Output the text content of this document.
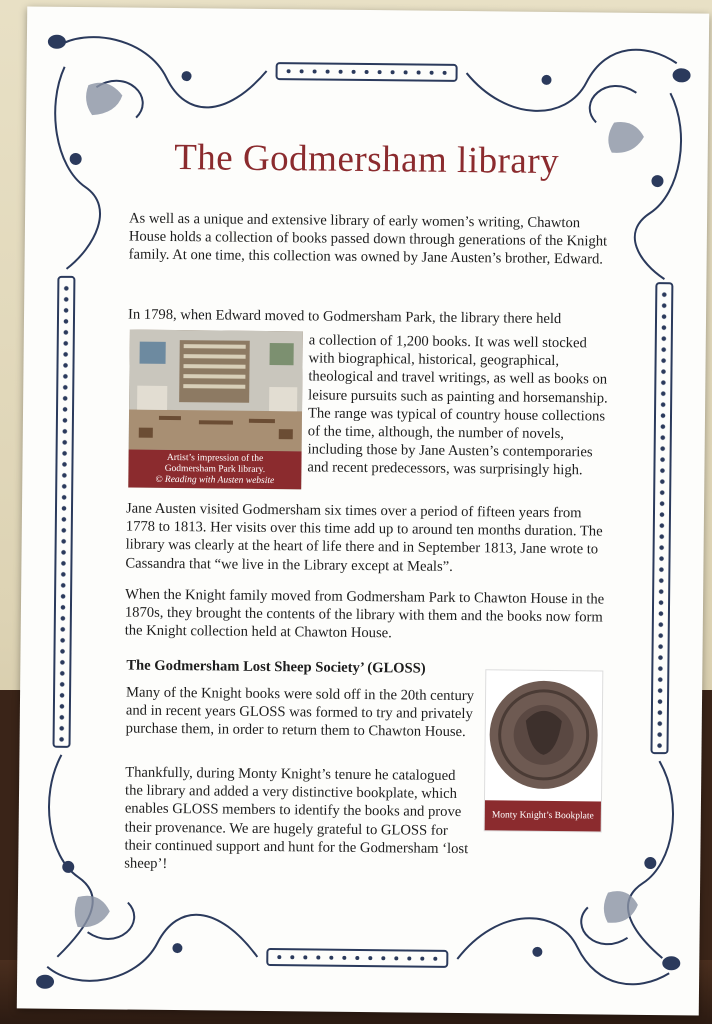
The Godmersham library
As well as a unique and extensive library of early women’s writing, Chawton House holds a collection of books passed down through generations of the Knight family. At one time, this collection was owned by Jane Austen’s brother, Edward.
In 1798, when Edward moved to Godmersham Park, the library there held
Artist’s impression of the
Godmersham Park library.
© Reading with Austen website
a collection of 1,200 books. It was well stocked with biographical, historical, geographical, theological and travel writings, as well as books on leisure pursuits such as painting and horsemanship. The range was typical of country house collections of the time, although, the number of novels, including those by Jane Austen’s contemporaries and recent predecessors, was surprisingly high.
Jane Austen visited Godmersham six times over a period of fifteen years from 1778 to 1813. Her visits over this time add up to around ten months duration. The library was clearly at the heart of life there and in September 1813, Jane wrote to Cassandra that “we live in the Library except at Meals”.
When the Knight family moved from Godmersham Park to Chawton House in the 1870s, they brought the contents of the library with them and the books now form the Knight collection held at Chawton House.
The Godmersham Lost Sheep Society’ (GLOSS)
Many of the Knight books were sold off in the 20th century and in recent years GLOSS was formed to try and privately purchase them, in order to return them to Chawton House.
Thankfully, during Monty Knight’s tenure he catalogued the library and added a very distinctive bookplate, which enables GLOSS members to identify the books and prove their provenance. We are hugely grateful to GLOSS for their continued support and hunt for the Godmersham ‘lost sheep’!
Monty Knight’s Bookplate
